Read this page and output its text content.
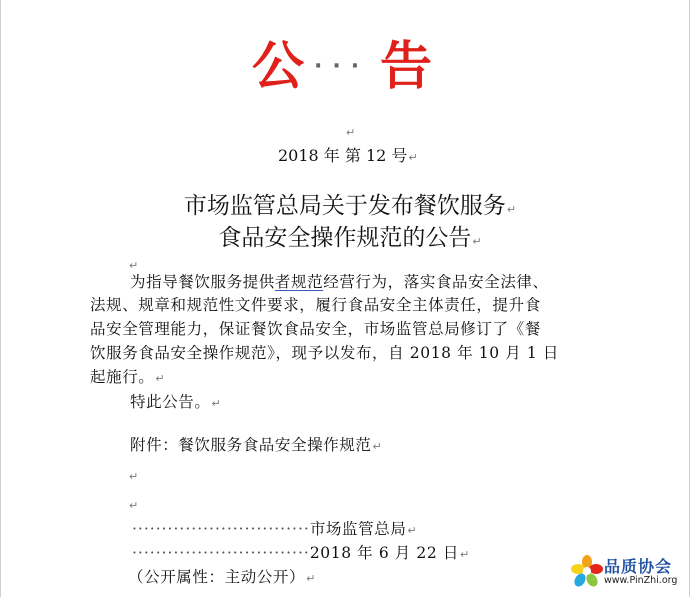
公 ··· 告
↵
2018 年 第 12 号↵
市场监管总局关于发布餐饮服务↵
食品安全操作规范的公告↵
↵
为指导餐饮服务提供者规范经营行为，落实食品安全法律、
法规、规章和规范性文件要求，履行食品安全主体责任，提升食
品安全管理能力，保证餐饮食品安全，市场监管总局修订了《餐
饮服务食品安全操作规范》，现予以发布，自 2018 年 10 月 1 日
起施行。↵
特此公告。↵
附件：餐饮服务食品安全操作规范↵
↵
↵
······························市场监管总局↵
······························2018 年 6 月 22 日↵
（公开属性：主动公开）↵
品质协会
www.PinZhi.org
